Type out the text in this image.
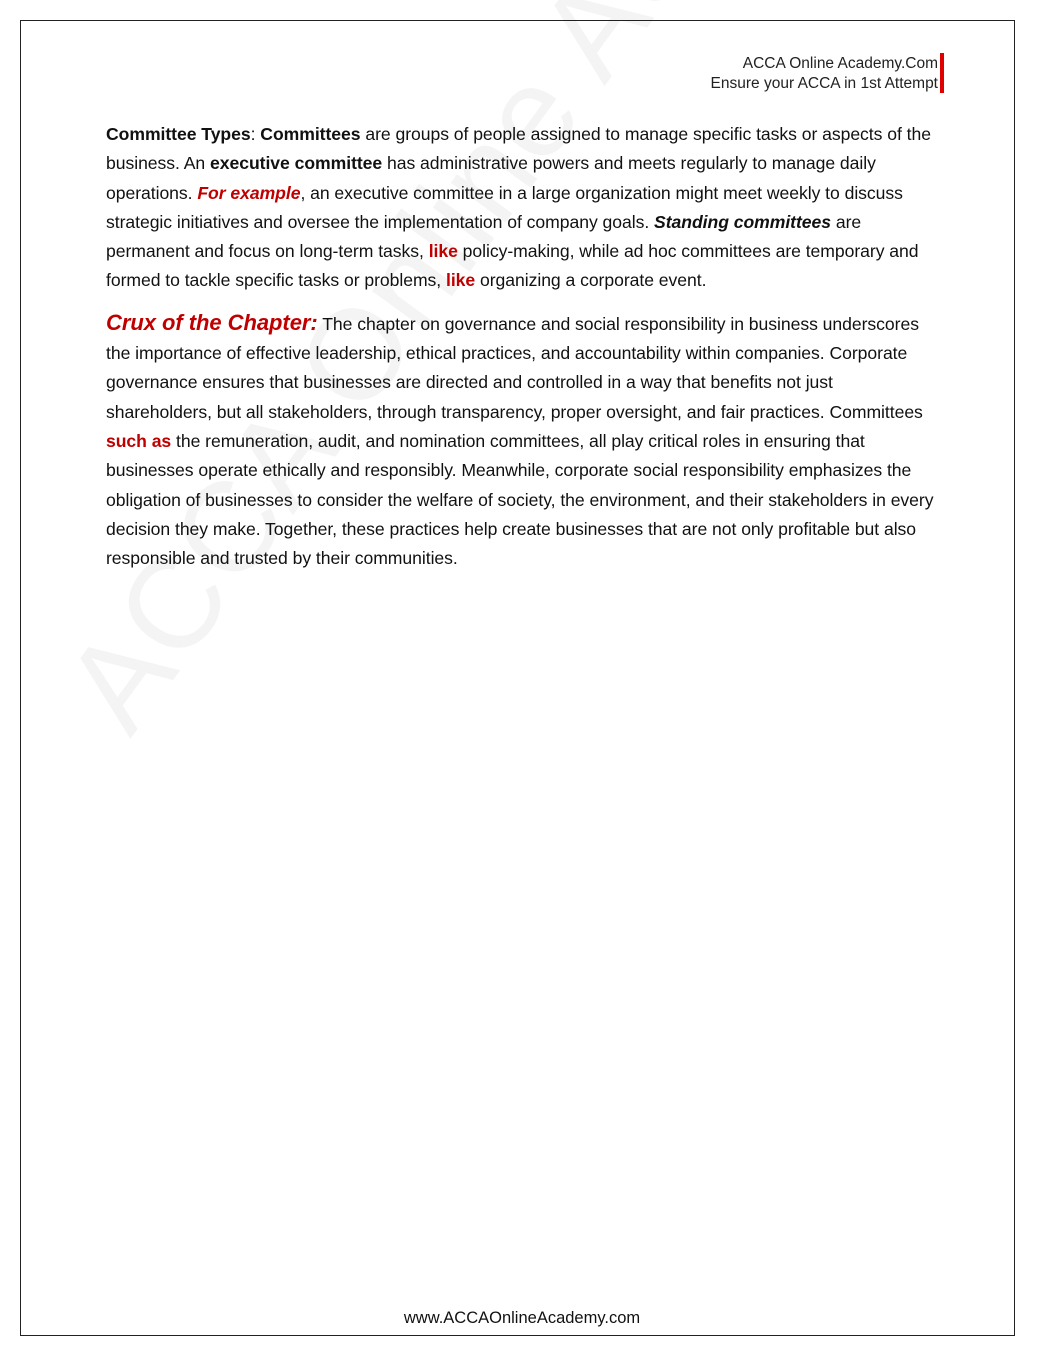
ACCA Online Academy.Com
Ensure your ACCA in 1st Attempt

Committee Types: Committees are groups of people assigned to manage specific tasks or aspects of the business. An executive committee has administrative powers and meets regularly to manage daily operations. For example, an executive committee in a large organization might meet weekly to discuss strategic initiatives and oversee the implementation of company goals. Standing committees are permanent and focus on long-term tasks, like policy-making, while ad hoc committees are temporary and formed to tackle specific tasks or problems, like organizing a corporate event.

Crux of the Chapter: The chapter on governance and social responsibility in business underscores the importance of effective leadership, ethical practices, and accountability within companies. Corporate governance ensures that businesses are directed and controlled in a way that benefits not just shareholders, but all stakeholders, through transparency, proper oversight, and fair practices. Committees such as the remuneration, audit, and nomination committees, all play critical roles in ensuring that businesses operate ethically and responsibly. Meanwhile, corporate social responsibility emphasizes the obligation of businesses to consider the welfare of society, the environment, and their stakeholders in every decision they make. Together, these practices help create businesses that are not only profitable but also responsible and trusted by their communities.

www.ACCAOnlineAcademy.com
